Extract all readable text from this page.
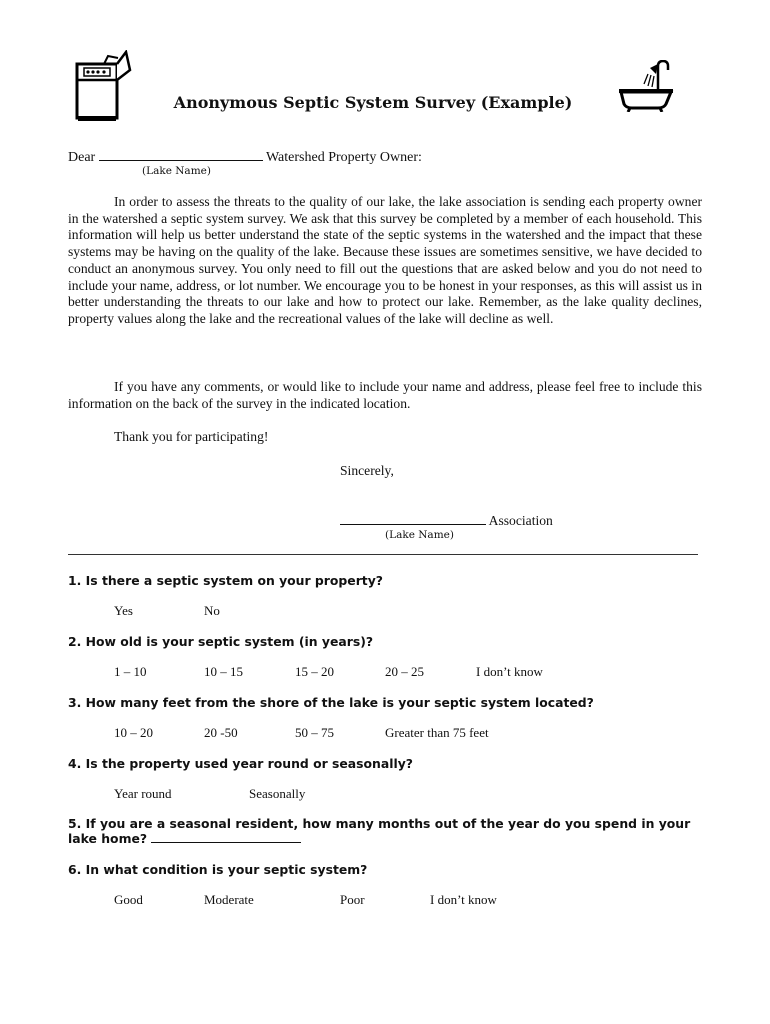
Anonymous Septic System Survey (Example)
Dear	Watershed Property Owner:
(Lake Name)

In order to assess the threats to the quality of our lake, the lake association is sending each property owner in the watershed a septic system survey. We ask that this survey be completed by a member of each household. This information will help us better understand the state of the septic systems in the watershed and the impact that these systems may be having on the quality of the lake. Because these issues are sometimes sensitive, we have decided to conduct an anonymous survey. You only need to fill out the questions that are asked below and you do not need to include your name, address, or lot number. We encourage you to be honest in your responses, as this will assist us in better understanding the threats to our lake and how to protect our lake. Remember, as the lake quality declines, property values along the lake and the recreational values of the lake will decline as well.

If you have any comments, or would like to include your name and address, please feel free to include this information on the back of the survey in the indicated location.

Thank you for participating!
Sincerely,
Association
(Lake Name)
1. Is there a septic system on your property?
Yes	No
2. How old is your septic system (in years)?
1 – 10	10 – 15	15 – 20	20 – 25	I don’t know
3. How many feet from the shore of the lake is your septic system located?
10 – 20	20 -50	50 – 75	Greater than 75 feet
4. Is the property used year round or seasonally?
Year round	Seasonally
5. If you are a seasonal resident, how many months out of the year do you spend in your lake home?
6. In what condition is your septic system?
Good	Moderate	Poor	I don’t know
